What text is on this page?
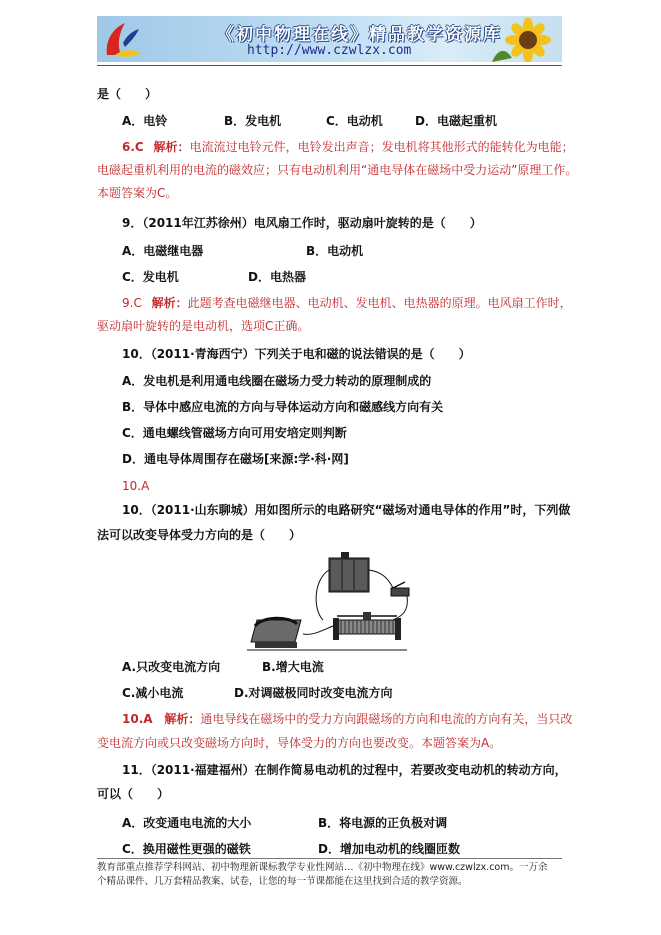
《初中物理在线》精品教学资源库
http://www.czwlzx.com
是（　　）
A．电铃	B．发电机	C．电动机	D．电磁起重机
6.C 解析：电流流过电铃元件，电铃发出声音；发电机将其他形式的能转化为电能；
电磁起重机利用的电流的磁效应；只有电动机利用“通电导体在磁场中受力运动”原理工作。
本题答案为C。
9．（2011年江苏徐州）电风扇工作时，驱动扇叶旋转的是（　　）
A．电磁继电器	B．电动机
C．发电机	D．电热器
9.C 解析：此题考查电磁继电器、电动机、发电机、电热器的原理。电风扇工作时，
驱动扇叶旋转的是电动机，选项C正确。
10．（2011·青海西宁）下列关于电和磁的说法错误的是（　　）
A．发电机是利用通电线圈在磁场力受力转动的原理制成的
B．导体中感应电流的方向与导体运动方向和磁感线方向有关
C．通电螺线管磁场方向可用安培定则判断
D．通电导体周围存在磁场[来源:学·科·网]
10.A
10．（2011·山东聊城）用如图所示的电路研究“磁场对通电导体的作用”时，下列做
法可以改变导体受力方向的是（　　）
A.只改变电流方向	B.增大电流
C.减小电流	D.对调磁极同时改变电流方向
10.A 解析：通电导线在磁场中的受力方向跟磁场的方向和电流的方向有关，当只改
变电流方向或只改变磁场方向时，导体受力的方向也要改变。本题答案为A。
11．（2011·福建福州）在制作简易电动机的过程中，若要改变电动机的转动方向，
可以（　　）
A．改变通电电流的大小	B．将电源的正负极对调
C．换用磁性更强的磁铁	D．增加电动机的线圈匝数
教育部重点推荐学科网站、初中物理新课标教学专业性网站…《初中物理在线》www.czwlzx.com。一万余
个精品课件、几万套精品教案、试卷，让您的每一节课都能在这里找到合适的教学资源。
